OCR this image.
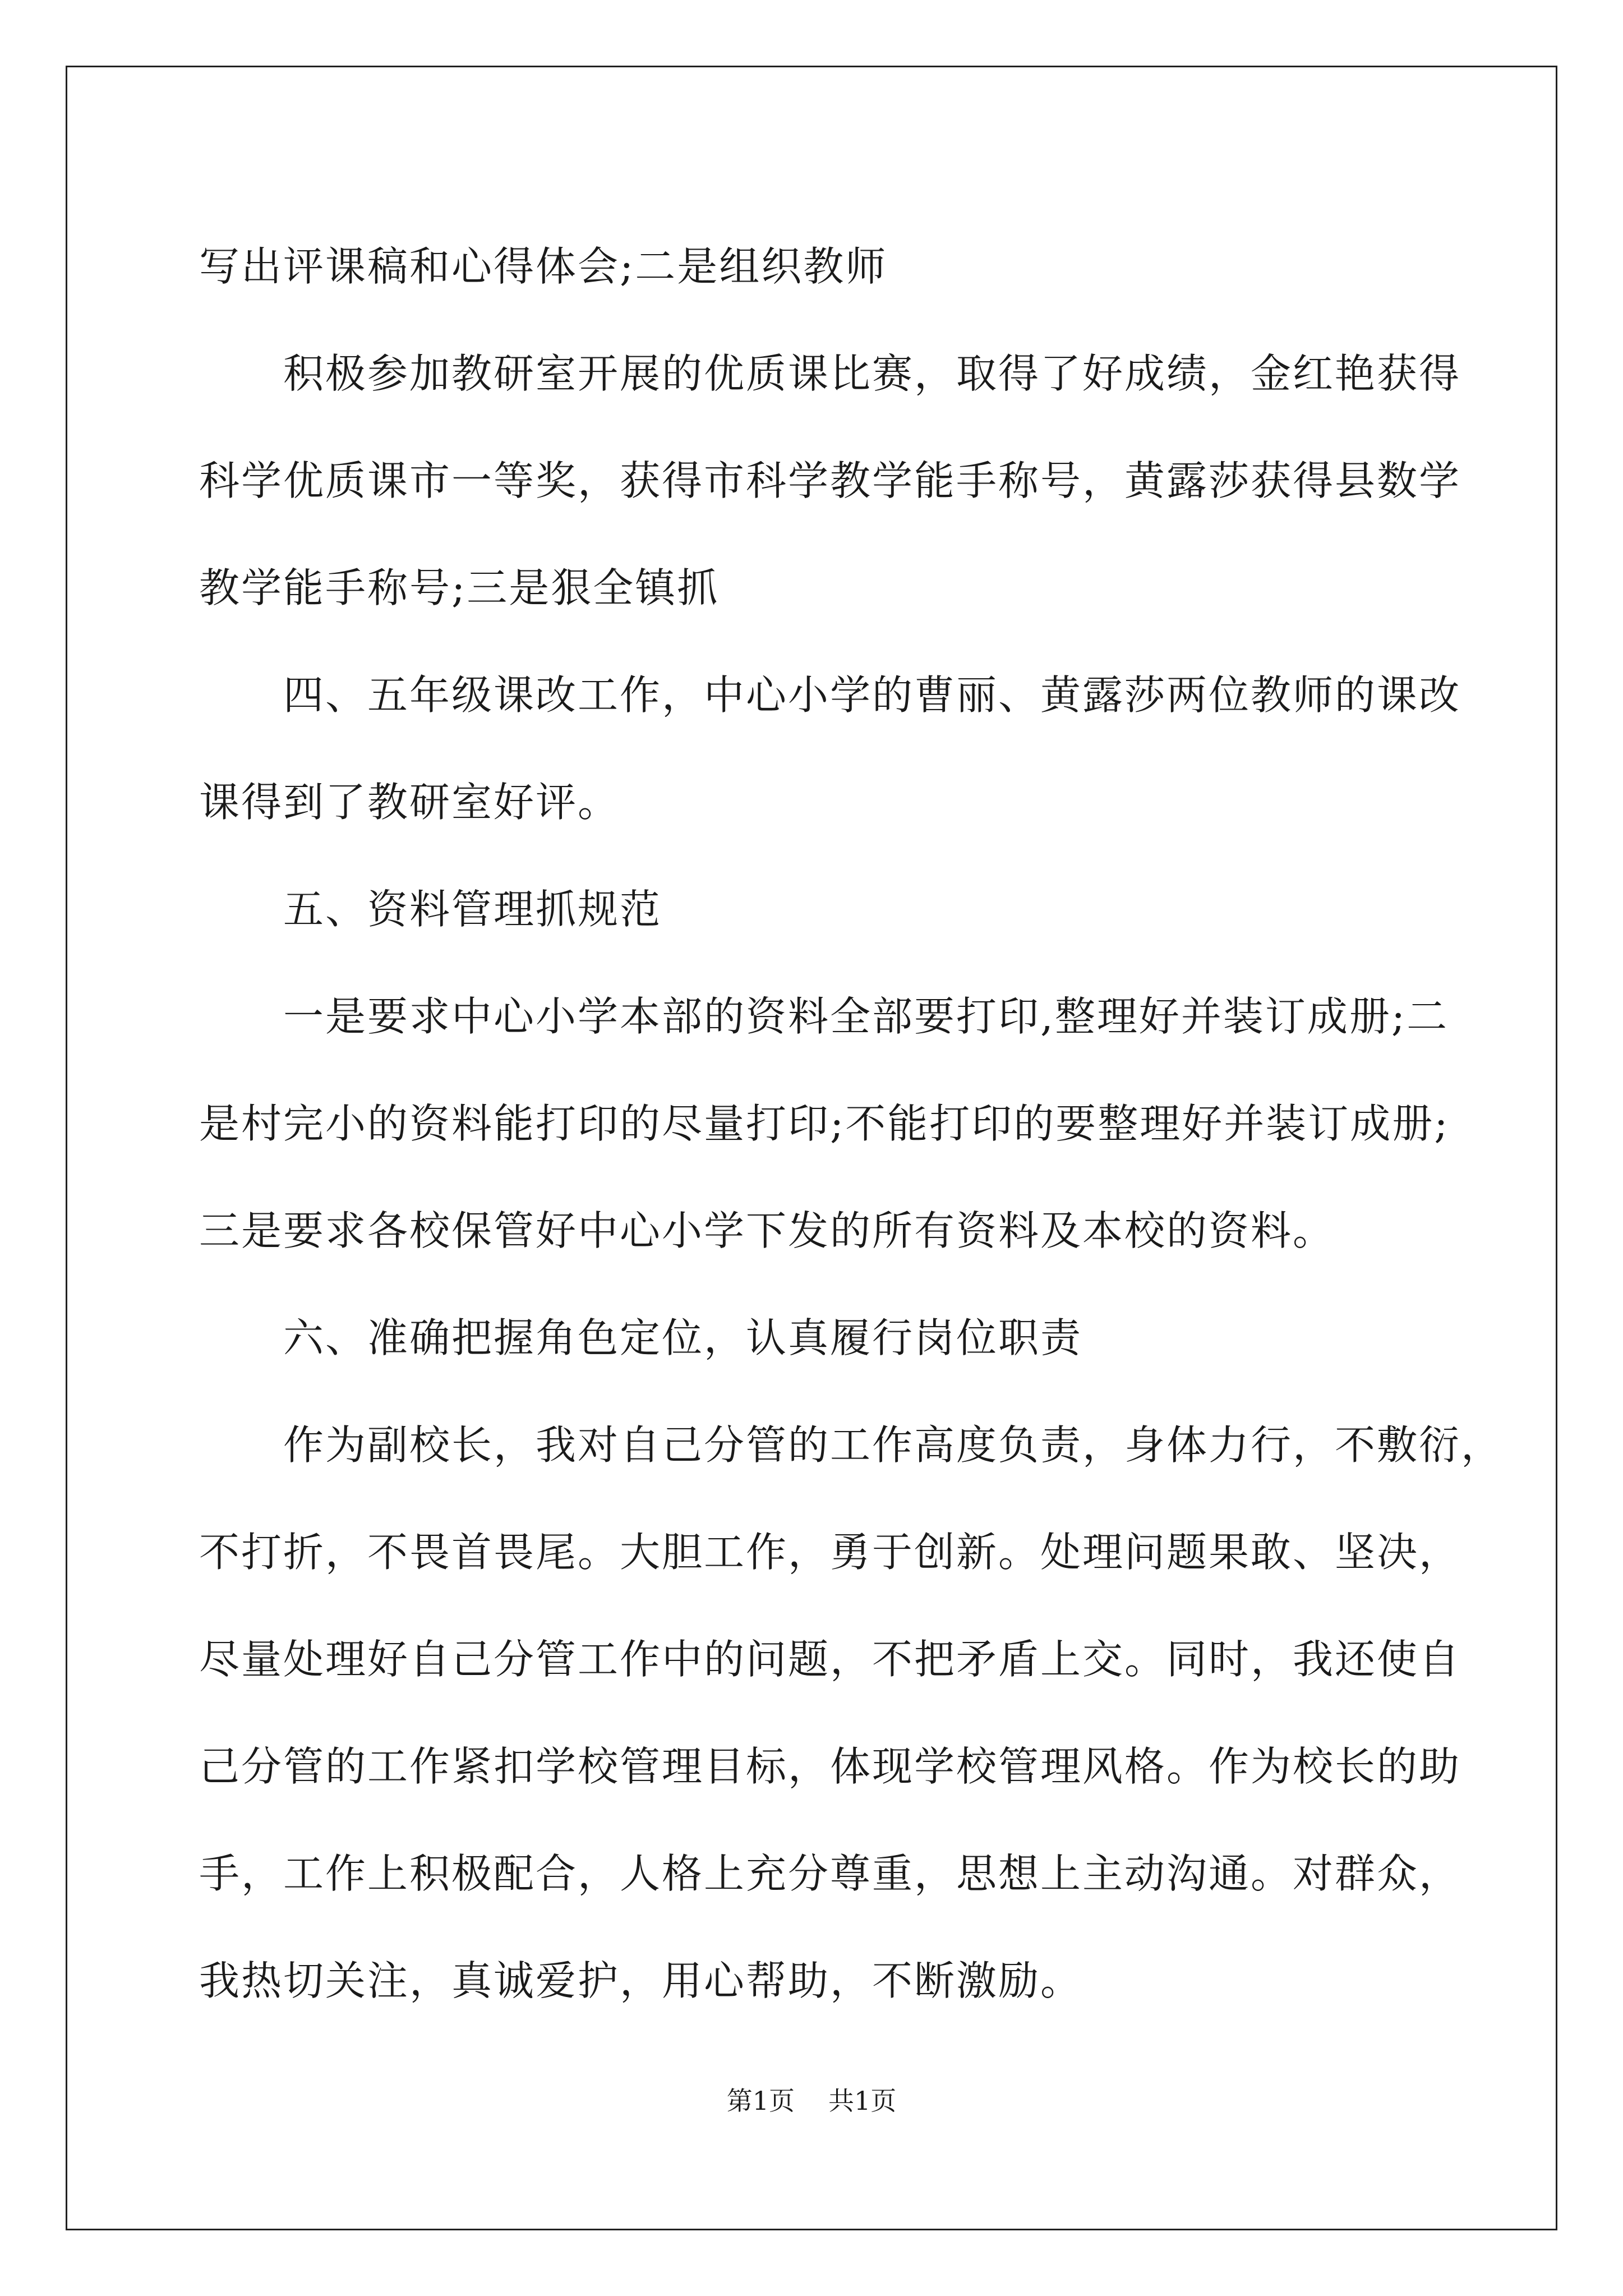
写出评课稿和心得体会;二是组织教师

积极参加教研室开展的优质课比赛，取得了好成绩，金红艳获得

科学优质课市一等奖，获得市科学教学能手称号，黄露莎获得县数学

教学能手称号;三是狠全镇抓

四、五年级课改工作，中心小学的曹丽、黄露莎两位教师的课改

课得到了教研室好评。

五、资料管理抓规范

一是要求中心小学本部的资料全部要打印,整理好并装订成册;二

是村完小的资料能打印的尽量打印;不能打印的要整理好并装订成册;

三是要求各校保管好中心小学下发的所有资料及本校的资料。

六、准确把握角色定位，认真履行岗位职责

作为副校长，我对自己分管的工作高度负责，身体力行，不敷衍，

不打折，不畏首畏尾。大胆工作，勇于创新。处理问题果敢、坚决，

尽量处理好自己分管工作中的问题，不把矛盾上交。同时，我还使自

己分管的工作紧扣学校管理目标，体现学校管理风格。作为校长的助

手，工作上积极配合，人格上充分尊重，思想上主动沟通。对群众，

我热切关注，真诚爱护，用心帮助，不断激励。

第1页 共1页
